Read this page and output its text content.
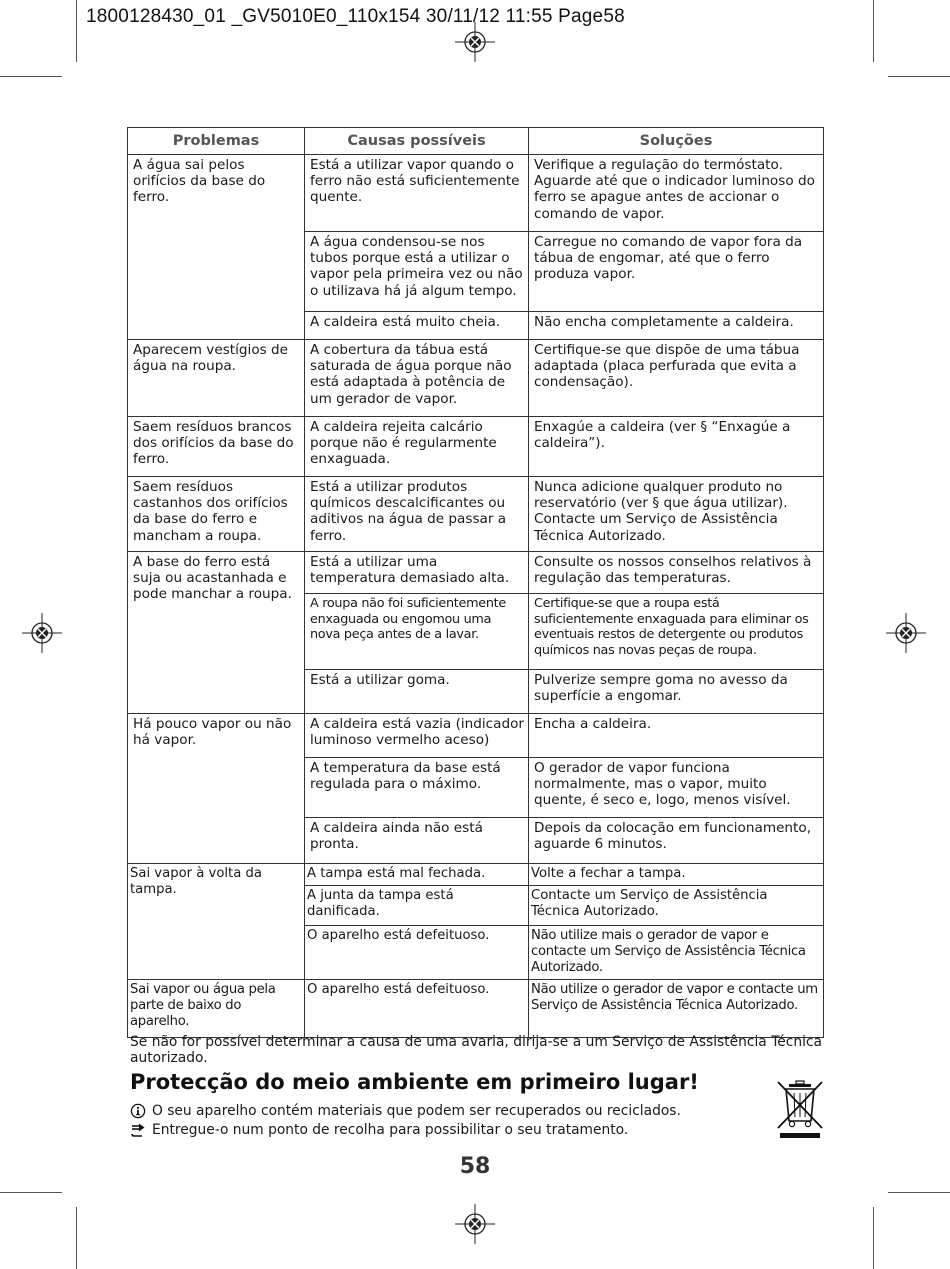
1800128430_01 _GV5010E0_110x154 30/11/12 11:55 Page58
Problemas	Causas possíveis	Soluções
A água sai pelos orifícios da base do ferro.	Está a utilizar vapor quando o ferro não está suficientemente quente.	Verifique a regulação do termóstato. Aguarde até que o indicador luminoso do ferro se apague antes de accionar o comando de vapor.
	A água condensou-se nos tubos porque está a utilizar o vapor pela primeira vez ou não o utilizava há já algum tempo.	Carregue no comando de vapor fora da tábua de engomar, até que o ferro produza vapor.
	A caldeira está muito cheia.	Não encha completamente a caldeira.
Aparecem vestígios de água na roupa.	A cobertura da tábua está saturada de água porque não está adaptada à potência de um gerador de vapor.	Certifique-se que dispõe de uma tábua adaptada (placa perfurada que evita a condensação).
Saem resíduos brancos dos orifícios da base do ferro.	A caldeira rejeita calcário porque não é regularmente enxaguada.	Enxagúe a caldeira (ver § “Enxagúe a caldeira”).
Saem resíduos castanhos dos orifícios da base do ferro e mancham a roupa.	Está a utilizar produtos químicos descalcificantes ou aditivos na água de passar a ferro.	Nunca adicione qualquer produto no reservatório (ver § que água utilizar). Contacte um Serviço de Assistência Técnica Autorizado.
A base do ferro está suja ou acastanhada e pode manchar a roupa.	Está a utilizar uma temperatura demasiado alta.	Consulte os nossos conselhos relativos à regulação das temperaturas.
	A roupa não foi suficientemente enxaguada ou engomou uma nova peça antes de a lavar.	Certifique-se que a roupa está suficientemente enxaguada para eliminar os eventuais restos de detergente ou produtos químicos nas novas peças de roupa.
	Está a utilizar goma.	Pulverize sempre goma no avesso da superfície a engomar.
Há pouco vapor ou não há vapor.	A caldeira está vazia (indicador luminoso vermelho aceso)	Encha a caldeira.
	A temperatura da base está regulada para o máximo.	O gerador de vapor funciona normalmente, mas o vapor, muito quente, é seco e, logo, menos visível.
	A caldeira ainda não está pronta.	Depois da colocação em funcionamento, aguarde 6 minutos.
Sai vapor à volta da tampa.	A tampa está mal fechada.	Volte a fechar a tampa.
	A junta da tampa está danificada.	Contacte um Serviço de Assistência Técnica Autorizado.
	O aparelho está defeituoso.	Não utilize mais o gerador de vapor e contacte um Serviço de Assistência Técnica Autorizado.
Sai vapor ou água pela parte de baixo do aparelho.	O aparelho está defeituoso.	Não utilize o gerador de vapor e contacte um Serviço de Assistência Técnica Autorizado.
Se não for possível determinar a causa de uma avaria, dirija-se a um Serviço de Assistência Técnica autorizado.
Protecção do meio ambiente em primeiro lugar!
O seu aparelho contém materiais que podem ser recuperados ou reciclados.
Entregue-o num ponto de recolha para possibilitar o seu tratamento.
58
